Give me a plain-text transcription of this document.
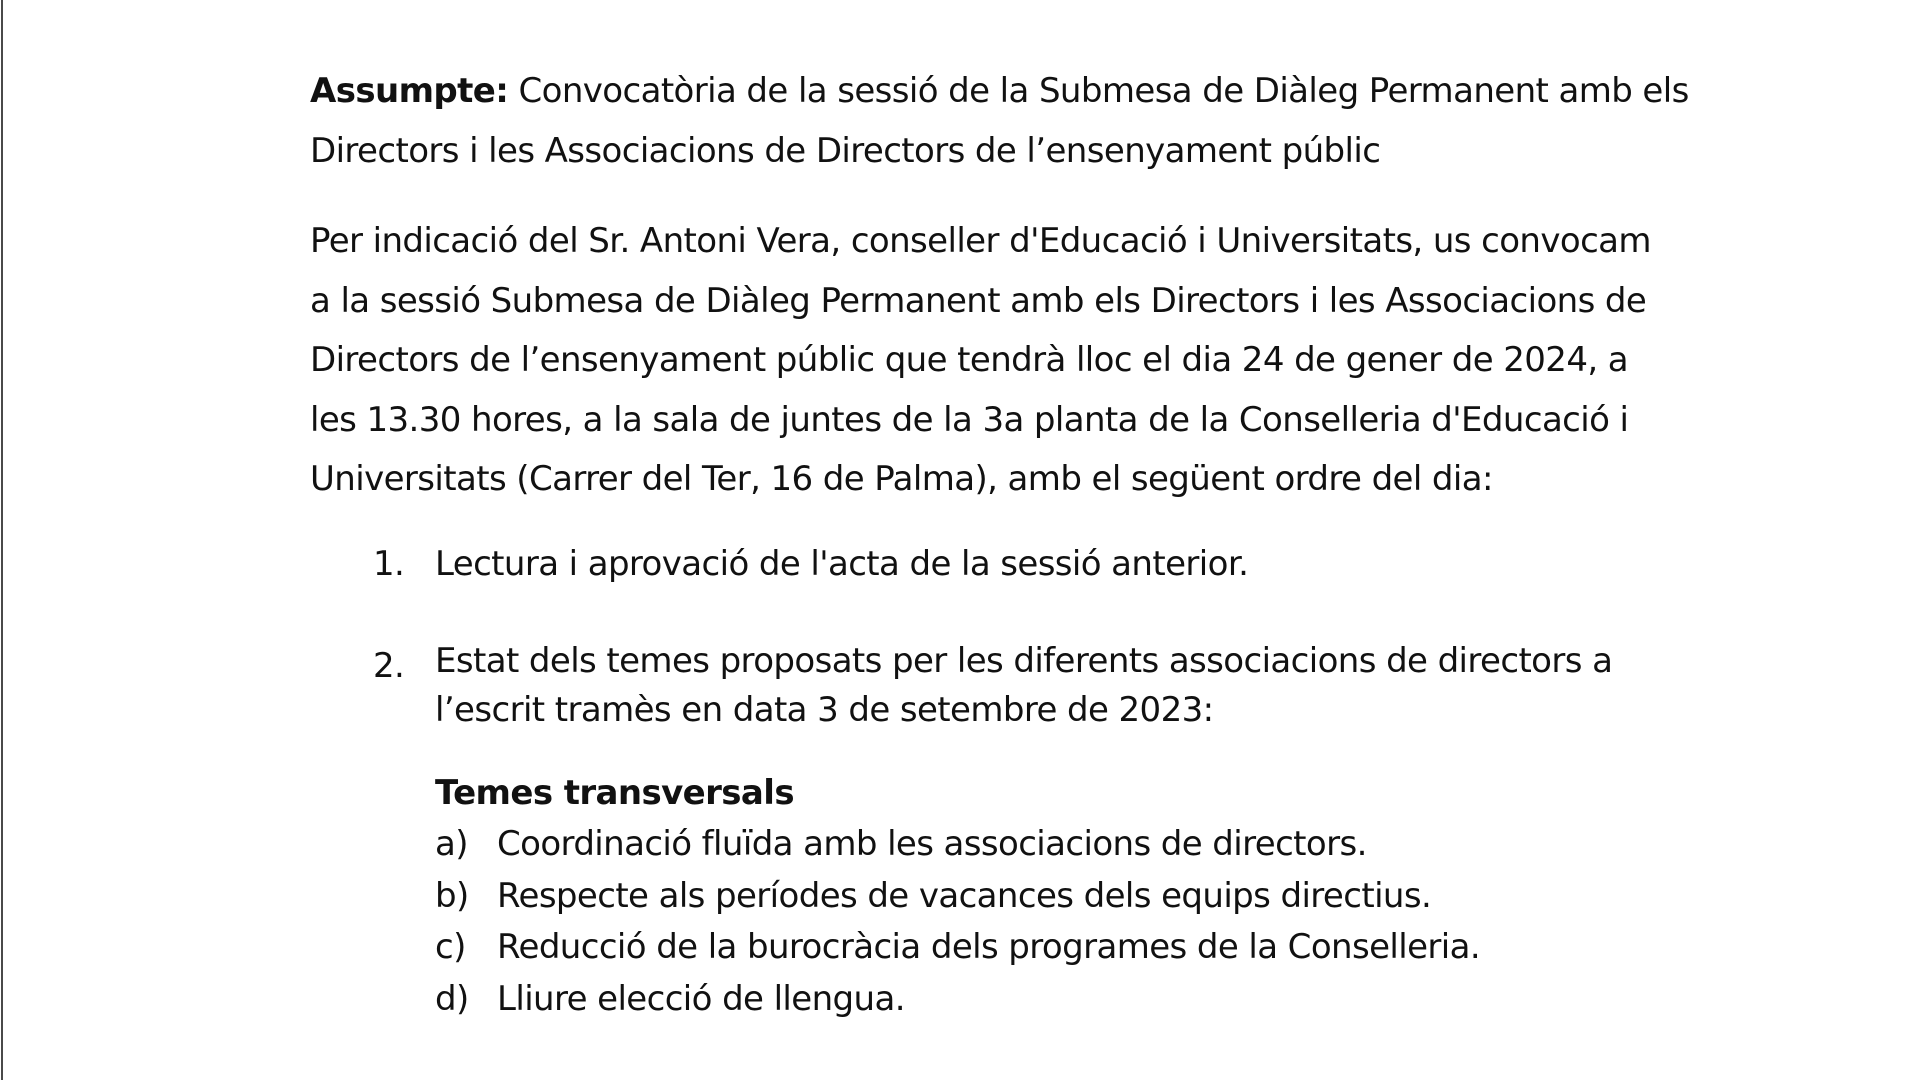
Assumpte: Convocatòria de la sessió de la Submesa de Diàleg Permanent amb els
Directors i les Associacions de Directors de l’ensenyament públic
Per indicació del Sr. Antoni Vera, conseller d'Educació i Universitats, us convocam
a la sessió Submesa de Diàleg Permanent amb els Directors i les Associacions de
Directors de l’ensenyament públic que tendrà lloc el dia 24 de gener de 2024, a
les 13.30 hores, a la sala de juntes de la 3a planta de la Conselleria d'Educació i
Universitats (Carrer del Ter, 16 de Palma), amb el següent ordre del dia:
1. Lectura i aprovació de l'acta de la sessió anterior.
2. Estat dels temes proposats per les diferents associacions de directors a
l’escrit tramès en data 3 de setembre de 2023:
Temes transversals
a) Coordinació fluïda amb les associacions de directors.
b) Respecte als períodes de vacances dels equips directius.
c) Reducció de la burocràcia dels programes de la Conselleria.
d) Lliure elecció de llengua.
